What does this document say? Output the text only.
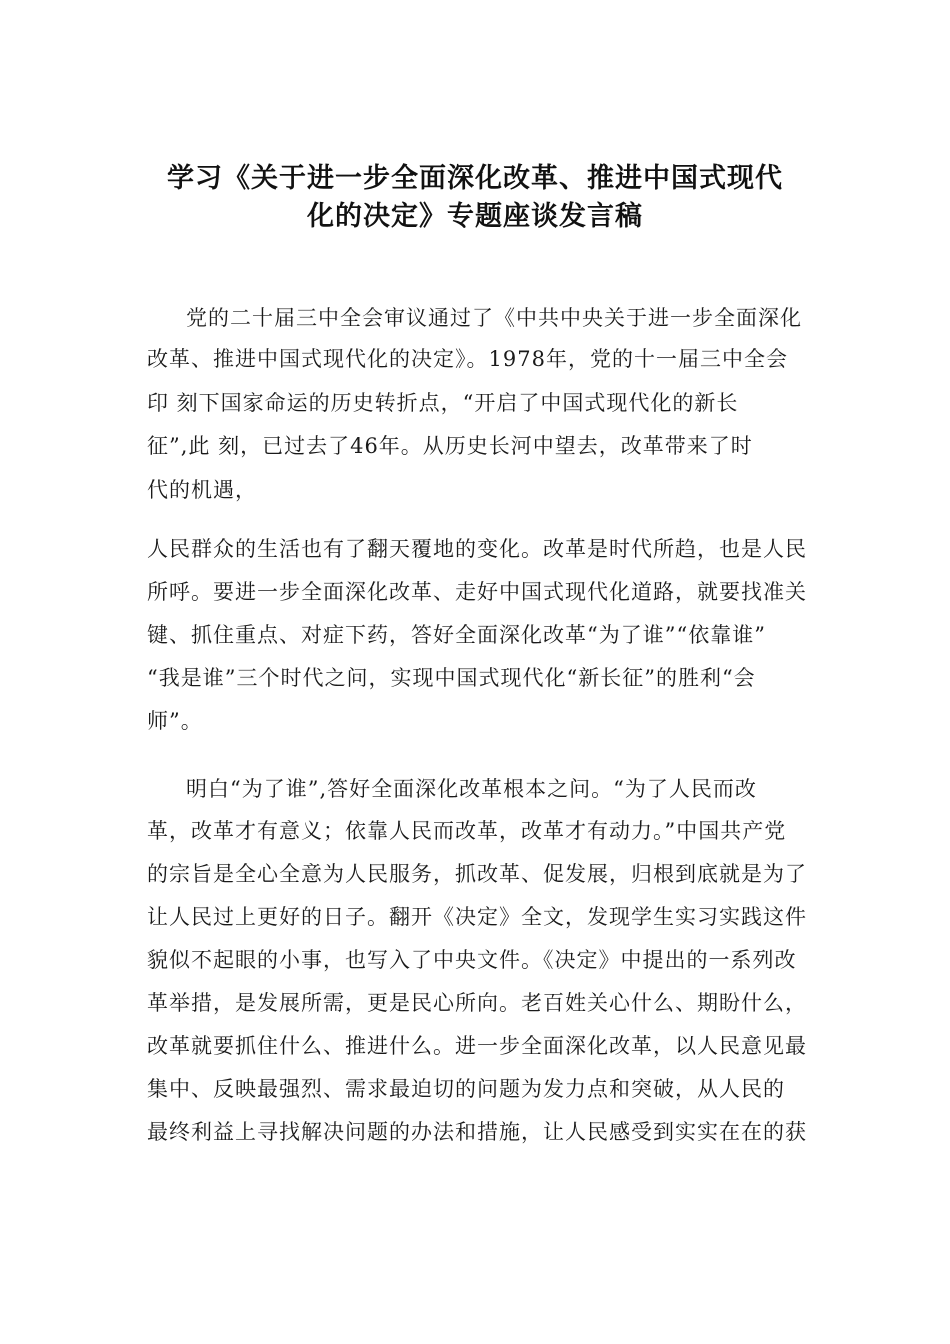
学习《关于进一步全面深化改革、推进中国式现代
化的决定》专题座谈发言稿
党的二十届三中全会审议通过了《中共中央关于进一步全面深化
改革、推进中国式现代化的决定》。1978年，党的十一届三中全会
印 刻下国家命运的历史转折点，“开启了中国式现代化的新长
征”,此 刻，已过去了46年。从历史长河中望去，改革带来了时
代的机遇，
人民群众的生活也有了翻天覆地的变化。改革是时代所趋，也是人民
所呼。要进一步全面深化改革、走好中国式现代化道路，就要找准关
键、抓住重点、对症下药，答好全面深化改革“为了谁”“依靠谁”
“我是谁”三个时代之问，实现中国式现代化“新长征”的胜利“会
师”。
明白“为了谁”,答好全面深化改革根本之问。“为了人民而改
革，改革才有意义；依靠人民而改革，改革才有动力。”中国共产党
的宗旨是全心全意为人民服务，抓改革、促发展，归根到底就是为了
让人民过上更好的日子。翻开《决定》全文，发现学生实习实践这件
貌似不起眼的小事，也写入了中央文件。《决定》中提出的一系列改
革举措，是发展所需，更是民心所向。老百姓关心什么、期盼什么，
改革就要抓住什么、推进什么。进一步全面深化改革，以人民意见最
集中、反映最强烈、需求最迫切的问题为发力点和突破，从人民的
最终利益上寻找解决问题的办法和措施，让人民感受到实实在在的获
